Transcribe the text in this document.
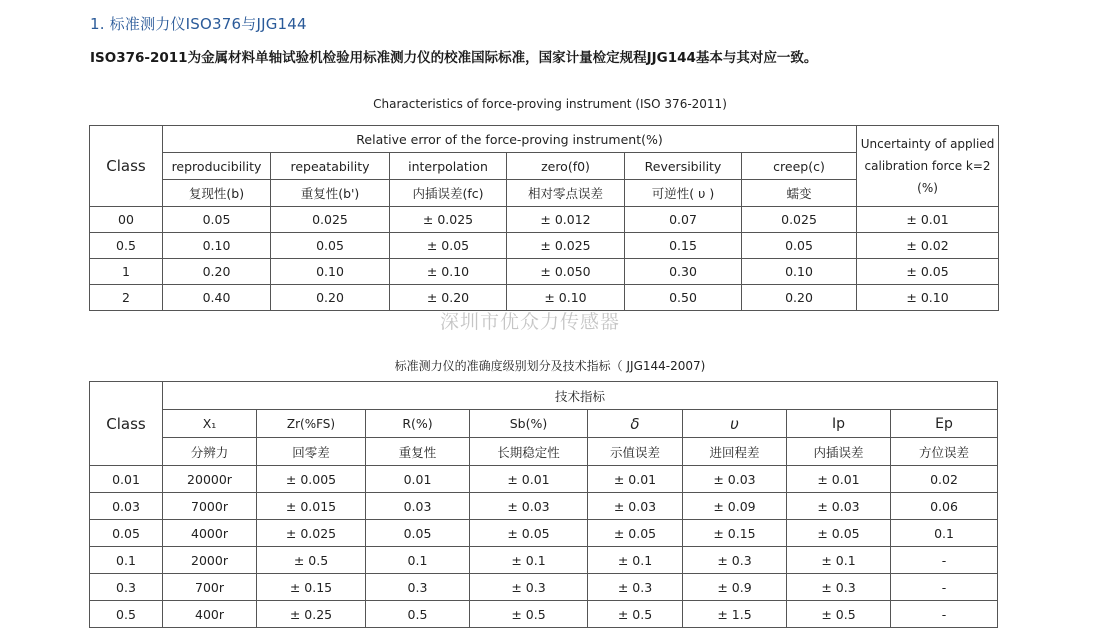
1. 标准测力仪ISO376与JJG144
ISO376-2011为金属材料单轴试验机检验用标准测力仪的校准国际标准，国家计量检定规程JJG144基本与其对应一致。
Characteristics of force-proving instrument (ISO 376-2011)
Class	Relative error of the force-proving instrument(%)						Uncertainty of applied calibration force k=2 (%)
	reproducibility	repeatability	interpolation	zero(f0)	Reversibility	creep(c)	
	复现性(b)	重复性(b')	内插误差(fc)	相对零点误差	可逆性( υ )	蠕变	
00	0.05	0.025	± 0.025	± 0.012	0.07	0.025	± 0.01
0.5	0.10	0.05	± 0.05	± 0.025	0.15	0.05	± 0.02
1	0.20	0.10	± 0.10	± 0.050	0.30	0.10	± 0.05
2	0.40	0.20	± 0.20	± 0.10	0.50	0.20	± 0.10
深圳市优众力传感器
标准测力仪的准确度级别划分及技术指标（ JJG144-2007)
Class	技术指标							
	X₁	Zr(%FS)	R(%)	Sb(%)	δ	υ	Ip	Ep
	分辨力	回零差	重复性	长期稳定性	示值误差	进回程差	内插误差	方位误差
0.01	20000r	± 0.005	0.01	± 0.01	± 0.01	± 0.03	± 0.01	0.02
0.03	7000r	± 0.015	0.03	± 0.03	± 0.03	± 0.09	± 0.03	0.06
0.05	4000r	± 0.025	0.05	± 0.05	± 0.05	± 0.15	± 0.05	0.1
0.1	2000r	± 0.5	0.1	± 0.1	± 0.1	± 0.3	± 0.1	-
0.3	700r	± 0.15	0.3	± 0.3	± 0.3	± 0.9	± 0.3	-
0.5	400r	± 0.25	0.5	± 0.5	± 0.5	± 1.5	± 0.5	-
